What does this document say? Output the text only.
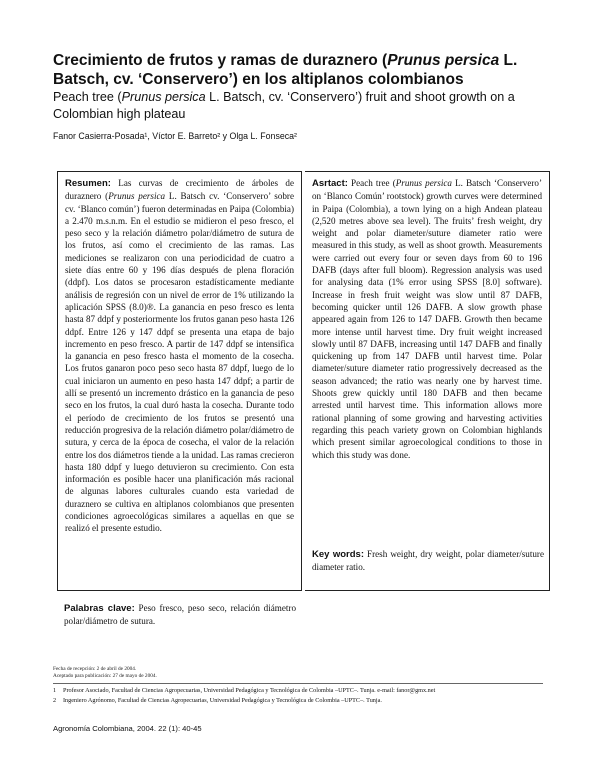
Crecimiento de frutos y ramas de duraznero (Prunus persica L. Batsch, cv. ‘Conservero’) en los altiplanos colombianos
Peach tree (Prunus persica L. Batsch, cv. ‘Conservero’) fruit and shoot growth on a Colombian high plateau
Fanor Casierra-Posada¹, Víctor E. Barreto² y Olga L. Fonseca²
Resumen: Las curvas de crecimiento de árboles de duraznero (Prunus persica L. Batsch cv. ‘Conservero’ sobre cv. ‘Blanco común’) fueron determinadas en Paipa (Colombia) a 2.470 m.s.n.m. En el estudio se midieron el peso fresco, el peso seco y la relación diámetro polar/diámetro de sutura de los frutos, así como el crecimiento de las ramas. Las mediciones se realizaron con una periodicidad de cuatro a siete días entre 60 y 196 días después de plena floración (ddpf). Los datos se procesaron estadísticamente mediante análisis de regresión con un nivel de error de 1% utilizando la aplicación SPSS (8.0)®. La ganancia en peso fresco es lenta hasta 87 ddpf y posteriormente los frutos ganan peso hasta 126 ddpf. Entre 126 y 147 ddpf se presenta una etapa de bajo incremento en peso fresco. A partir de 147 ddpf se intensifica la ganancia en peso fresco hasta el momento de la cosecha. Los frutos ganaron poco peso seco hasta 87 ddpf, luego de lo cual iniciaron un aumento en peso hasta 147 ddpf; a partir de allí se presentó un incremento drástico en la ganancia de peso seco en los frutos, la cual duró hasta la cosecha. Durante todo el período de crecimiento de los frutos se presentó una reducción progresiva de la relación diámetro polar/diámetro de sutura, y cerca de la época de cosecha, el valor de la relación entre los dos diámetros tiende a la unidad. Las ramas crecieron hasta 180 ddpf y luego detuvieron su crecimiento. Con esta información es posible hacer una planificación más racional de algunas labores culturales cuando esta variedad de duraznero se cultiva en altiplanos colombianos que presenten condiciones agroecológicas similares a aquellas en que se realizó el presente estudio.
Asrtact: Peach tree (Prunus persica L. Batsch ‘Conservero’ on ‘Blanco Común’ rootstock) growth curves were determined in Paipa (Colombia), a town lying on a high Andean plateau (2,520 metres above sea level). The fruits’ fresh weight, dry weight and polar diameter/suture diameter ratio were measured in this study, as well as shoot growth. Measurements were carried out every four or seven days from 60 to 196 DAFB (days after full bloom). Regression analysis was used for analysing data (1% error using SPSS [8.0] software). Increase in fresh fruit weight was slow until 87 DAFB, becoming quicker until 126 DAFB. A slow growth phase appeared again from 126 to 147 DAFB. Growth then became more intense until harvest time. Dry fruit weight increased slowly until 87 DAFB, increasing until 147 DAFB and finally quickening up from 147 DAFB until harvest time. Polar diameter/suture diameter ratio progressively decreased as the season advanced; the ratio was nearly one by harvest time. Shoots grew quickly until 180 DAFB and then became arrested until harvest time. This information allows more rational planning of some growing and harvesting activities regarding this peach variety grown on Colombian highlands which present similar agroecological conditions to those in which this study was done.
Key words: Fresh weight, dry weight, polar diameter/suture diameter ratio.
Palabras clave: Peso fresco, peso seco, relación diámetro polar/diámetro de sutura.
Fecha de recepción: 2 de abril de 2004.
Aceptado para publicación: 27 de mayo de 2004.
1 Profesor Asociado, Facultad de Ciencias Agropecuarias, Universidad Pedagógica y Tecnológica de Colombia –UPTC–. Tunja. e-mail: fanor@gmx.net
2 Ingeniero Agrónomo, Facultad de Ciencias Agropecuarias, Universidad Pedagógica y Tecnológica de Colombia –UPTC–. Tunja.
Agronomía Colombiana, 2004. 22 (1): 40-45
